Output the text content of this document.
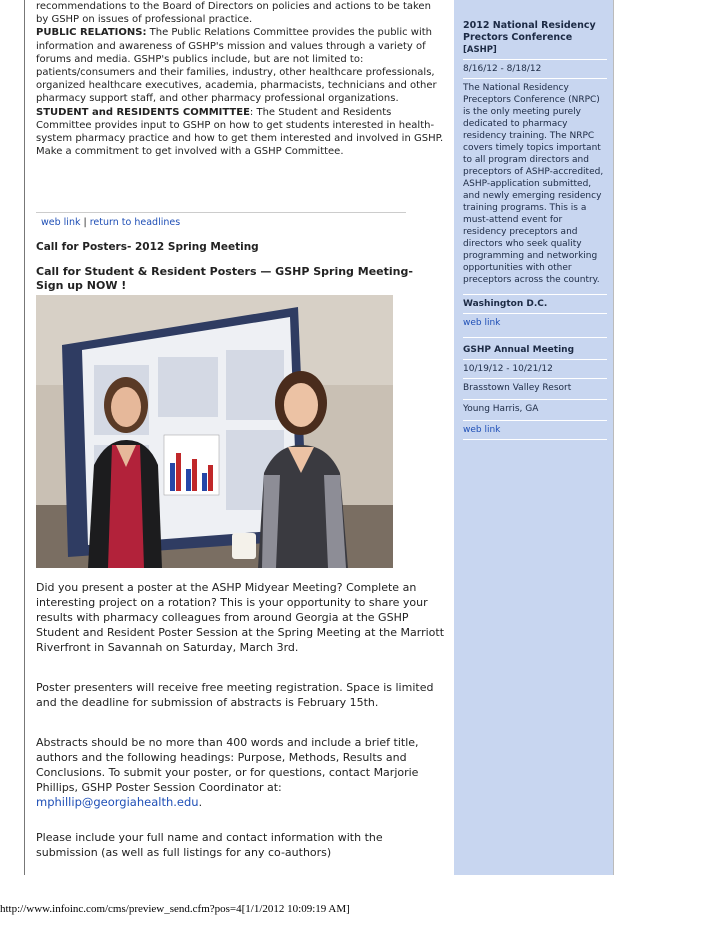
recommendations to the Board of Directors on policies and actions to be taken

by GSHP on issues of professional practice.

PUBLIC RELATIONS: The Public Relations Committee provides the public with information and awareness of GSHP's mission and values through a variety of forums and media. GSHP's publics include, but are not limited to: patients/consumers and their families, industry, other healthcare professionals, organized healthcare executives, academia, pharmacists, technicians and other pharmacy support staff, and other pharmacy professional organizations.

STUDENT and RESIDENTS COMMITTEE: The Student and Residents Committee provides input to GSHP on how to get students interested in health-system pharmacy practice and how to get them interested and involved in GSHP.

Make a commitment to get involved with a GSHP Committee.

web link | return to headlines
Call for Posters- 2012 Spring Meeting
Call for Student & Resident Posters — GSHP Spring Meeting-Sign up NOW !
Did you present a poster at the ASHP Midyear Meeting? Complete an interesting project on a rotation? This is your opportunity to share your results with pharmacy colleagues from around Georgia at the GSHP Student and Resident Poster Session at the Spring Meeting at the Marriott Riverfront in Savannah on Saturday, March 3rd.
Poster presenters will receive free meeting registration. Space is limited and the deadline for submission of abstracts is February 15th.
Abstracts should be no more than 400 words and include a brief title, authors and the following headings: Purpose, Methods, Results and Conclusions. To submit your poster, or for questions, contact Marjorie Phillips, GSHP Poster Session Coordinator at:
mphillip@georgiahealth.edu.
Please include your full name and contact information with the submission (as well as full listings for any co-authors)
2012 National Residency Prectors Conference
[ASHP]
8/16/12 - 8/18/12
The National Residency Preceptors Conference (NRPC) is the only meeting purely dedicated to pharmacy residency training. The NRPC covers timely topics important to all program directors and preceptors of ASHP-accredited, ASHP-application submitted, and newly emerging residency training programs. This is a must-attend event for residency preceptors and directors who seek quality programming and networking opportunities with other preceptors across the country.
Washington D.C.
web link
GSHP Annual Meeting
10/19/12 - 10/21/12
Brasstown Valley Resort
Young Harris, GA
web link
http://www.infoinc.com/cms/preview_send.cfm?pos=4[1/1/2012 10:09:19 AM]
